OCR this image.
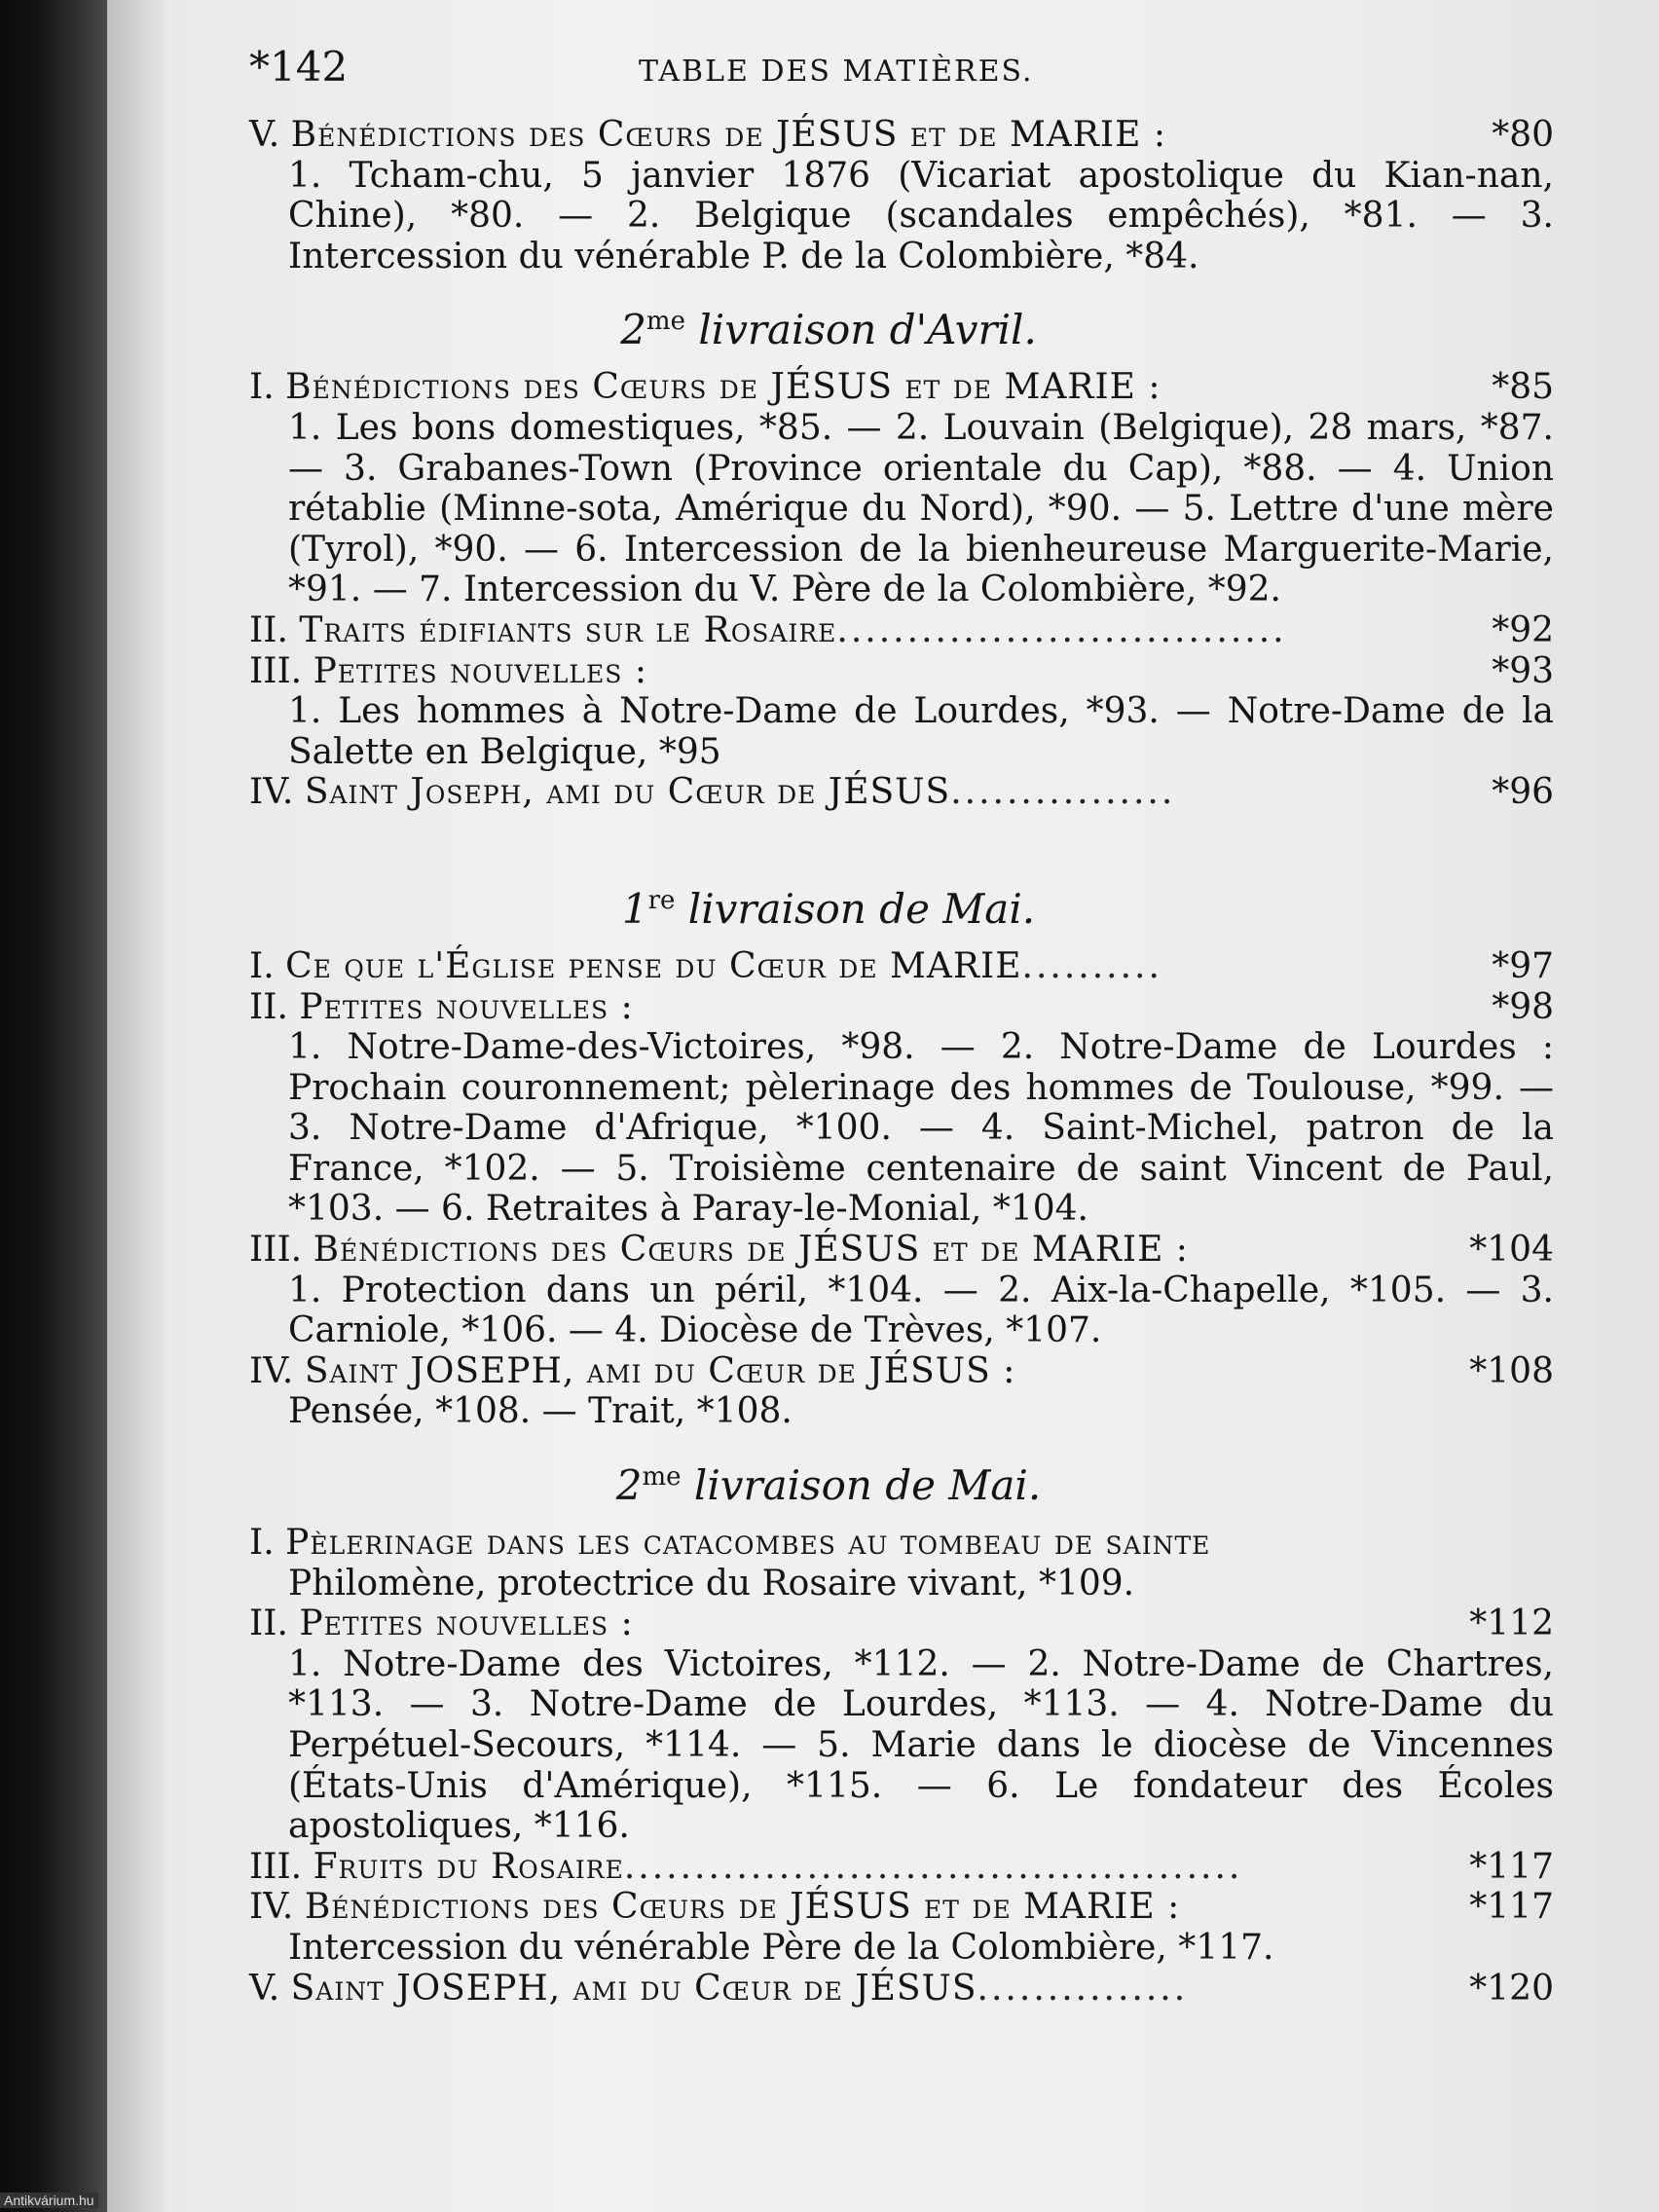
*142	TABLE DES MATIÈRES.
V. Bénédictions des Cœurs de JÉSUS et de MARIE :	*80
1. Tcham-chu, 5 janvier 1876 (Vicariat apostolique du Kian-nan, Chine), *80. — 2. Belgique (scandales empêchés), *81. — 3. Intercession du vénérable P. de la Colombière, *84.
$2^{me}$ livraison d'Avril.
I. Bénédictions des Cœurs de JÉSUS et de MARIE :	*85
1. Les bons domestiques, *85. — 2. Louvain (Belgique), 28 mars, *87. — 3. Grabanes-Town (Province orientale du Cap), *88. — 4. Union rétablie (Minne-sota, Amérique du Nord), *90. — 5. Lettre d'une mère (Tyrol), *90. — 6. Intercession de la bienheureuse Marguerite-Marie, *91. — 7. Intercession du V. Père de la Colombière, *92.
II. Traits édifiants sur le Rosaire................................	*92
III. Petites nouvelles :	*93
1. Les hommes à Notre-Dame de Lourdes, *93. — Notre-Dame de la Salette en Belgique, *95
IV. Saint Joseph, ami du Cœur de JÉSUS................	*96
1re livraison de Mai.
I. Ce que l'Église pense du Cœur de MARIE..........	*97
II. Petites nouvelles :	*98
1. Notre-Dame-des-Victoires, *98. — 2. Notre-Dame de Lourdes : Prochain couronnement; pèlerinage des hommes de Toulouse, *99. — 3. Notre-Dame d'Afrique, *100. — 4. Saint-Michel, patron de la France, *102. — 5. Troisième centenaire de saint Vincent de Paul, *103. — 6. Retraites à Paray-le-Monial, *104.
III. Bénédictions des Cœurs de JÉSUS et de MARIE :	*104
1. Protection dans un péril, *104. — 2. Aix-la-Chapelle, *105. — 3. Carniole, *106. — 4. Diocèse de Trèves, *107.
IV. Saint JOSEPH, ami du Cœur de JÉSUS :	*108
Pensée, *108. — Trait, *108.
$2^{me}$ livraison de Mai.
I. Pèlerinage dans les catacombes au tombeau de sainte
Philomène, protectrice du Rosaire vivant, *109.
II. Petites nouvelles :	*112
1. Notre-Dame des Victoires, *112. — 2. Notre-Dame de Chartres, *113. — 3. Notre-Dame de Lourdes, *113. — 4. Notre-Dame du Perpétuel-Secours, *114. — 5. Marie dans le diocèse de Vincennes (États-Unis d'Amérique), *115. — 6. Le fondateur des Écoles apostoliques, *116.
III. Fruits du Rosaire............................................	*117
IV. Bénédictions des Cœurs de JÉSUS et de MARIE :	*117
Intercession du vénérable Père de la Colombière, *117.
V. Saint JOSEPH, ami du Cœur de JÉSUS...............	*120
Antikvárium.hu
